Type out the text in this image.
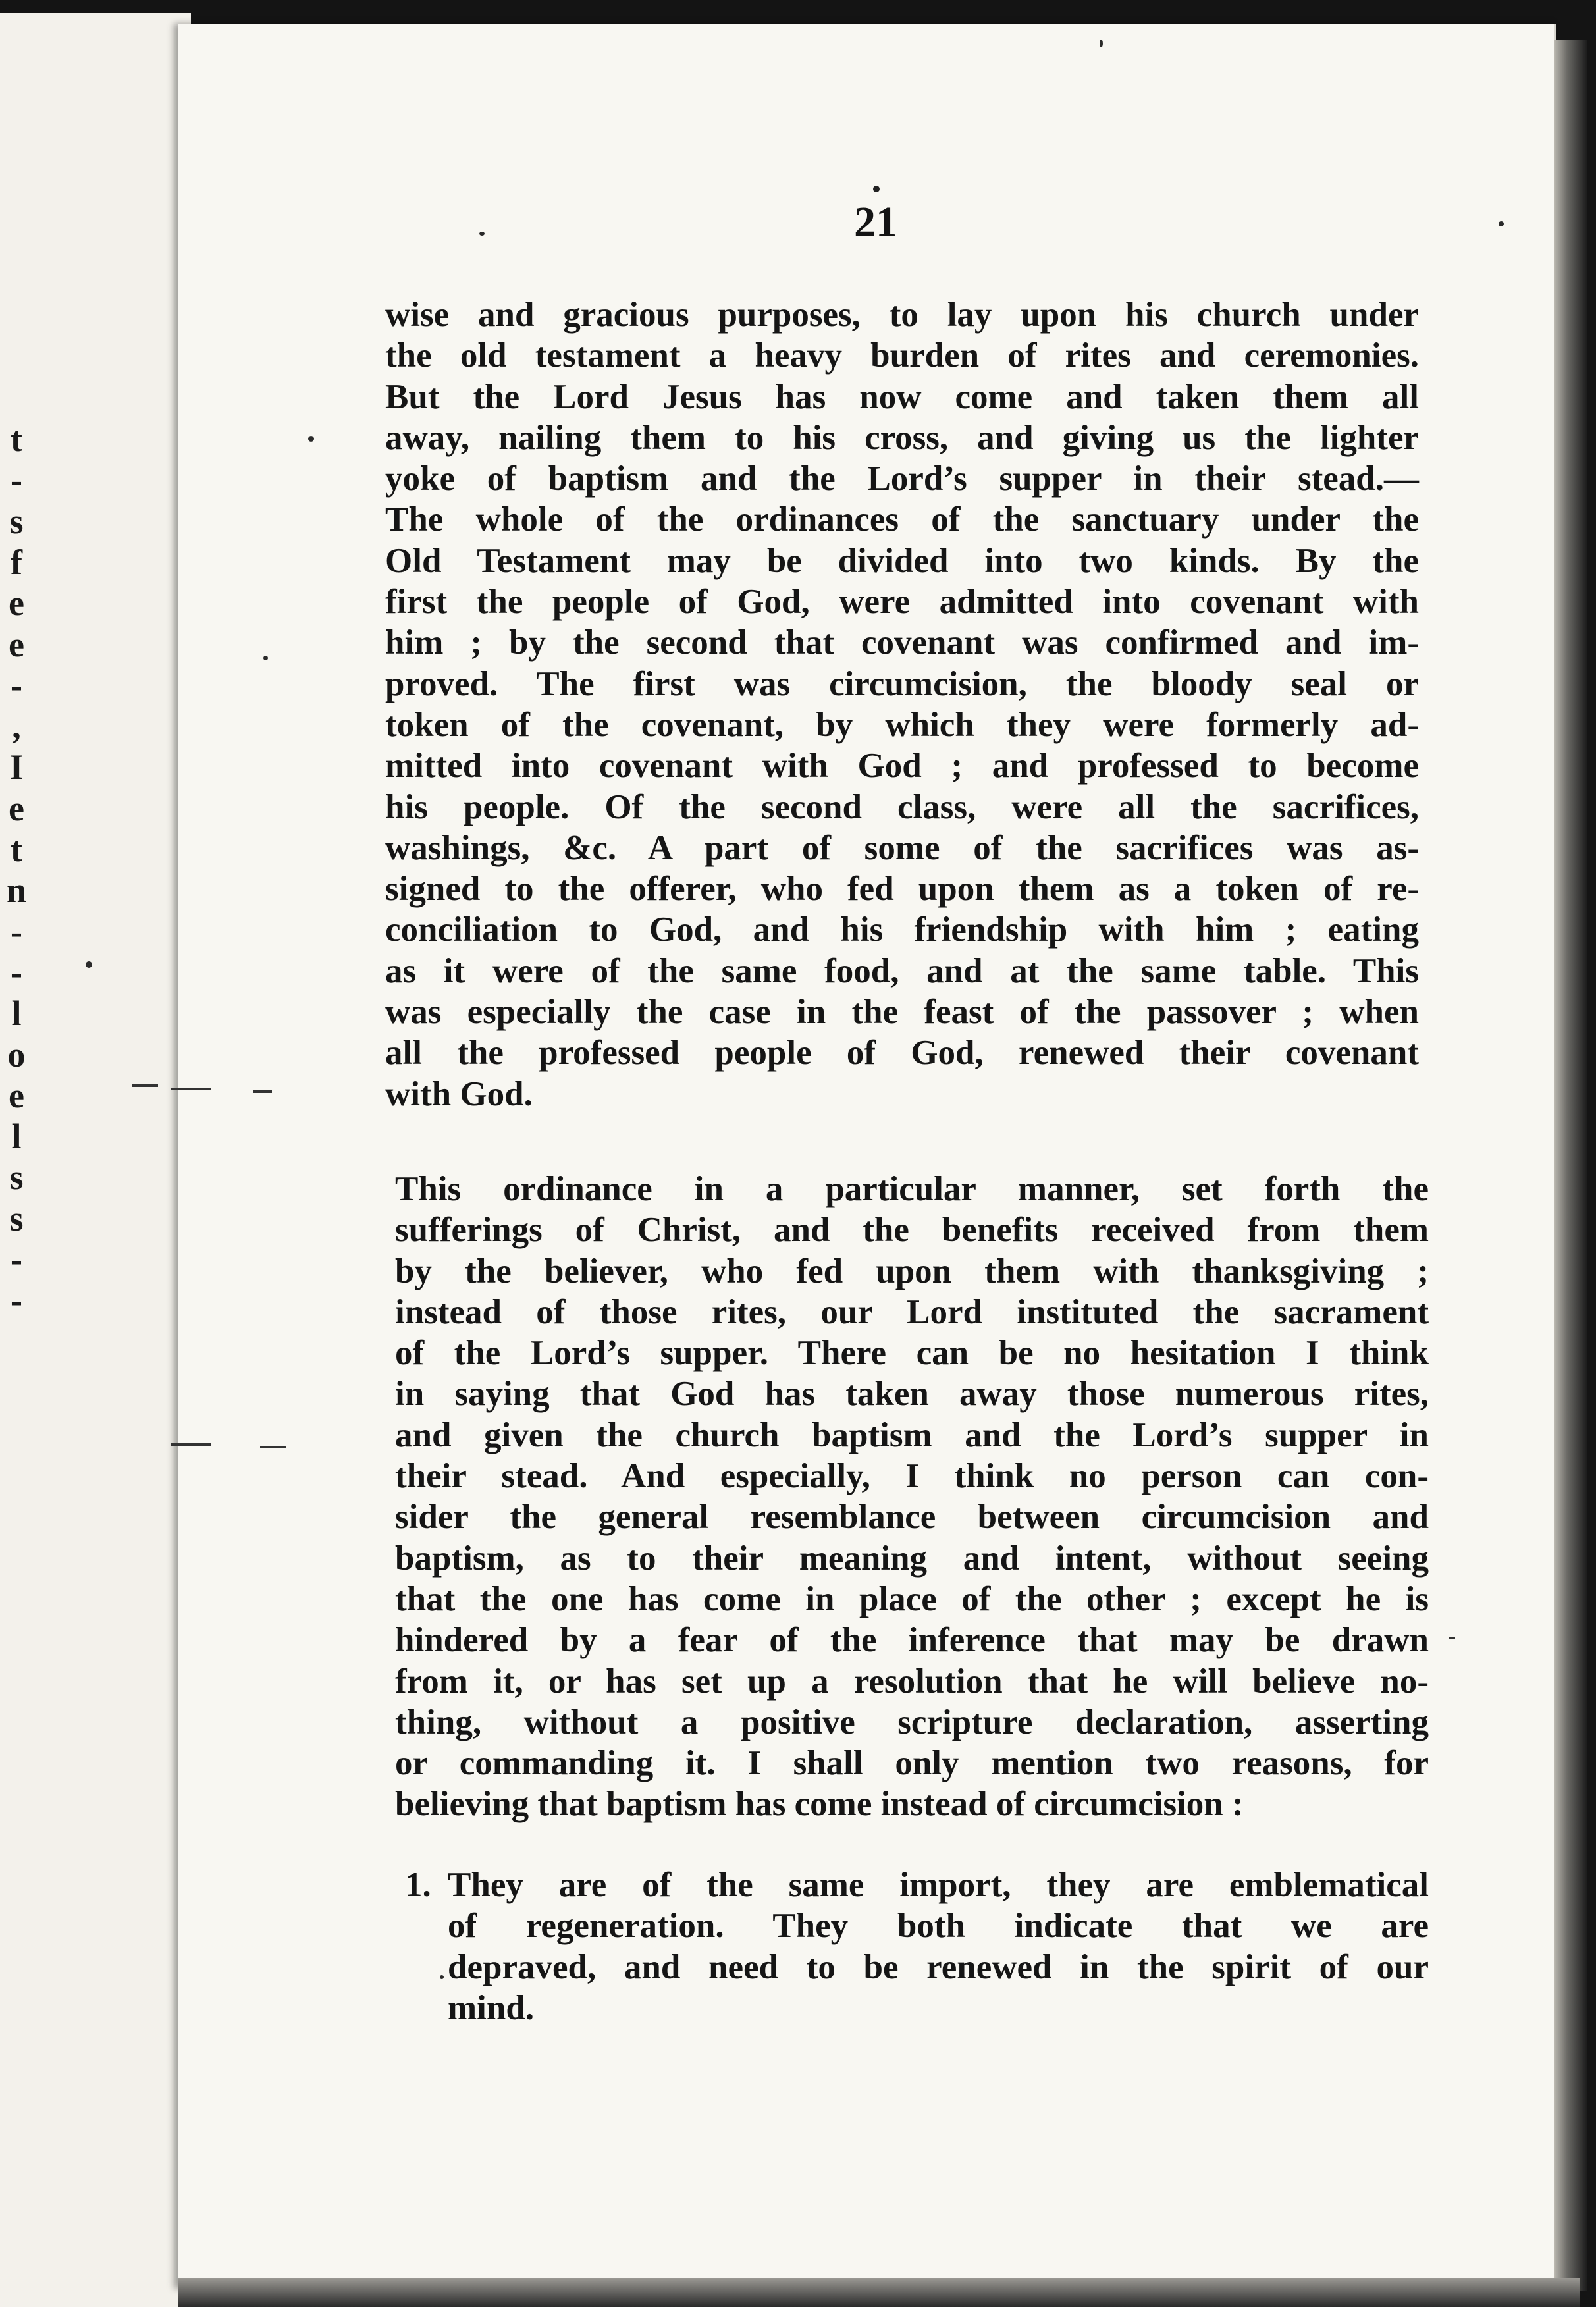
t
-
s
f
e
e
-
,
I
e
t
n
-
-
l
o
e
l
s
s
-
-
21
wise and gracious purposes, to lay upon his church under
the old testament a heavy burden of rites and ceremonies.
But the Lord Jesus has now come and taken them all
away, nailing them to his cross, and giving us the lighter
yoke of baptism and the Lord’s supper in their stead.—
The whole of the ordinances of the sanctuary under the
Old Testament may be divided into two kinds. By the
first the people of God, were admitted into covenant with
him ; by the second that covenant was confirmed and im-
proved. The first was circumcision, the bloody seal or
token of the covenant, by which they were formerly ad-
mitted into covenant with God ; and professed to become
his people. Of the second class, were all the sacrifices,
washings, &c. A part of some of the sacrifices was as-
signed to the offerer, who fed upon them as a token of re-
conciliation to God, and his friendship with him ; eating
as it were of the same food, and at the same table. This
was especially the case in the feast of the passover ; when
all the professed people of God, renewed their covenant
with God.
This ordinance in a particular manner, set forth the
sufferings of Christ, and the benefits received from them
by the believer, who fed upon them with thanksgiving ;
instead of those rites, our Lord instituted the sacrament
of the Lord’s supper. There can be no hesitation I think
in saying that God has taken away those numerous rites,
and given the church baptism and the Lord’s supper in
their stead. And especially, I think no person can con-
sider the general resemblance between circumcision and
baptism, as to their meaning and intent, without seeing
that the one has come in place of the other ; except he is
hindered by a fear of the inference that may be drawn
from it, or has set up a resolution that he will believe no-
thing, without a positive scripture declaration, asserting
or commanding it. I shall only mention two reasons, for
believing that baptism has come instead of circumcision :
1. They are of the same import, they are emblematical
of regeneration. They both indicate that we are
depraved, and need to be renewed in the spirit of our
mind.
